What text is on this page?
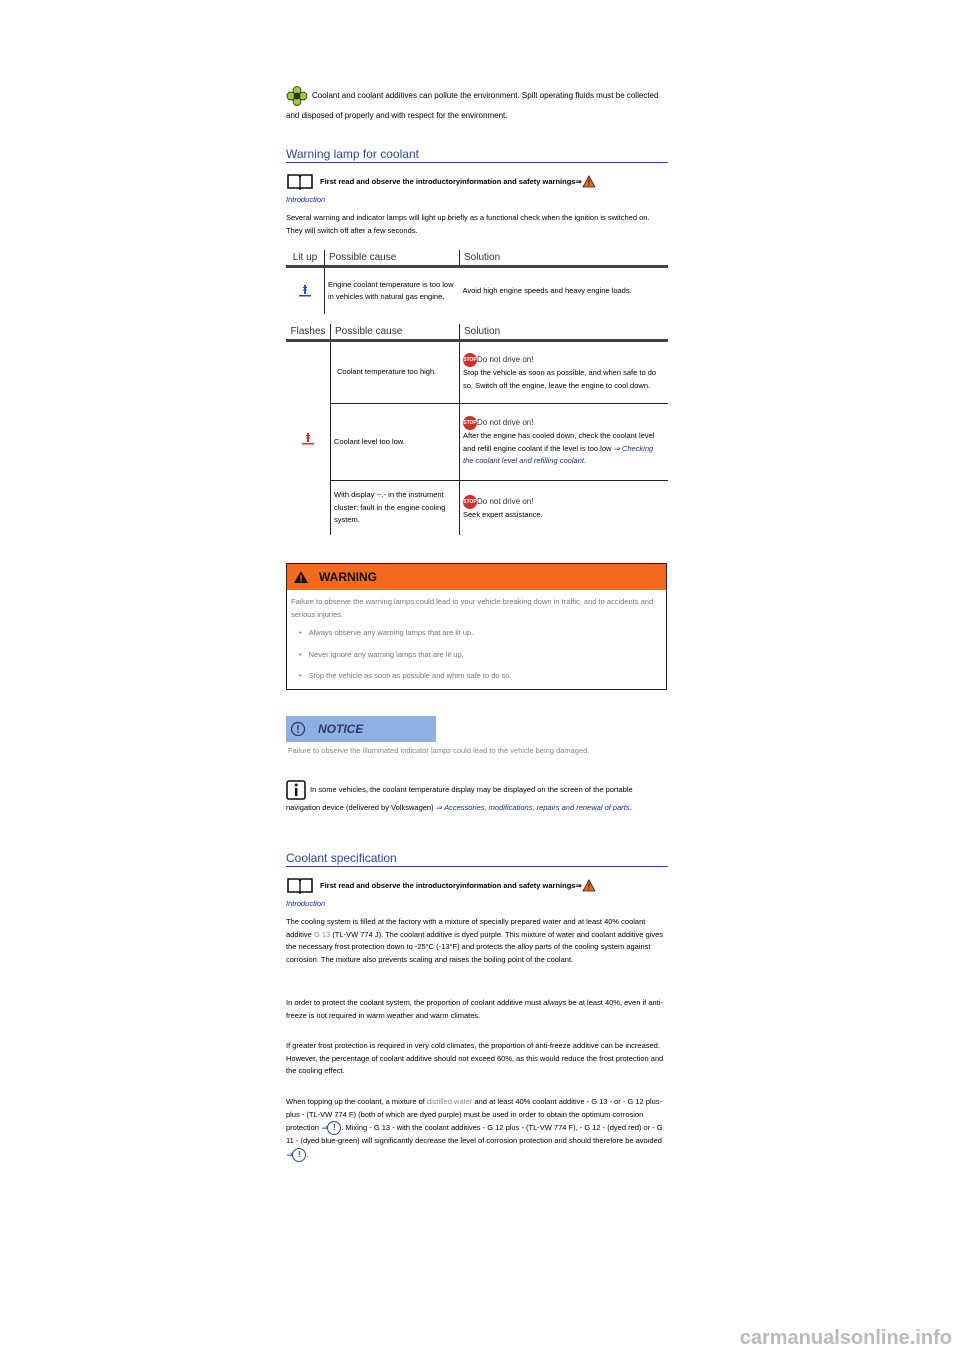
Coolant and coolant additives can pollute the environment. Spilt operating fluids must be collected and disposed of properly and with respect for the environment.
Warning lamp for coolant
First read and observe the introductoryinformation and safety warnings ⇒
Introduction
Several warning and indicator lamps will light up briefly as a functional check when the ignition is switched on. They will switch off after a few seconds.
Lit up	Possible cause	Solution

	Engine coolant temperature is too low in vehicles with natural gas engine.	Avoid high engine speeds and heavy engine loads.
Flashes	Possible cause	Solution

	Coolant temperature too high.	STOPDo not drive on!
Stop the vehicle as soon as possible, and when safe to do so. Switch off the engine, leave the engine to cool down.

	Coolant level too low.	STOPDo not drive on!
After the engine has cooled down, check the coolant level and refill engine coolant if the level is too low ⇒ Checking the coolant level and refilling coolant.

	With display --.- in the instrument cluster: fault in the engine cooling system.	STOPDo not drive on!
Seek expert assistance.
WARNING
Failure to observe the warning lamps could lead to your vehicle breaking down in traffic, and to accidents and serious injuries.
• Always observe any warning lamps that are lit up.
• Never ignore any warning lamps that are lit up.
• Stop the vehicle as soon as possible and when safe to do so.
NOTICE
Failure to observe the illuminated indicator lamps could lead to the vehicle being damaged.
In some vehicles, the coolant temperature display may be displayed on the screen of the portable navigation device (delivered by Volkswagen) ⇒ Accessories, modifications, repairs and renewal of parts.
Coolant specification
First read and observe the introductoryinformation and safety warnings ⇒
Introduction
The cooling system is filled at the factory with a mixture of specially prepared water and at least 40% coolant additive G 13 (TL-VW 774 J). The coolant additive is dyed purple. This mixture of water and coolant additive gives the necessary frost protection down to -25°C (-13°F) and protects the alloy parts of the cooling system against corrosion. The mixture also prevents scaling and raises the boiling point of the coolant.
In order to protect the coolant system, the proportion of coolant additive must always be at least 40%, even if anti-freeze is not required in warm weather and warm climates.
If greater frost protection is required in very cold climates, the proportion of anti-freeze additive can be increased. However, the percentage of coolant additive should not exceed 60%, as this would reduce the frost protection and the cooling effect.
When topping up the coolant, a mixture of distilled water and at least 40% coolant additive - G 13 - or - G 12 plus-plus - (TL-VW 774 F) (both of which are dyed purple) must be used in order to obtain the optimum corrosion protection ⇒ ! . Mixing - G 13 - with the coolant additives - G 12 plus - (TL-VW 774 F), - G 12 - (dyed red) or - G 11 - (dyed blue-green) will significantly decrease the level of corrosion protection and should therefore be avoided ⇒ ! .
carmanualsonline.info
